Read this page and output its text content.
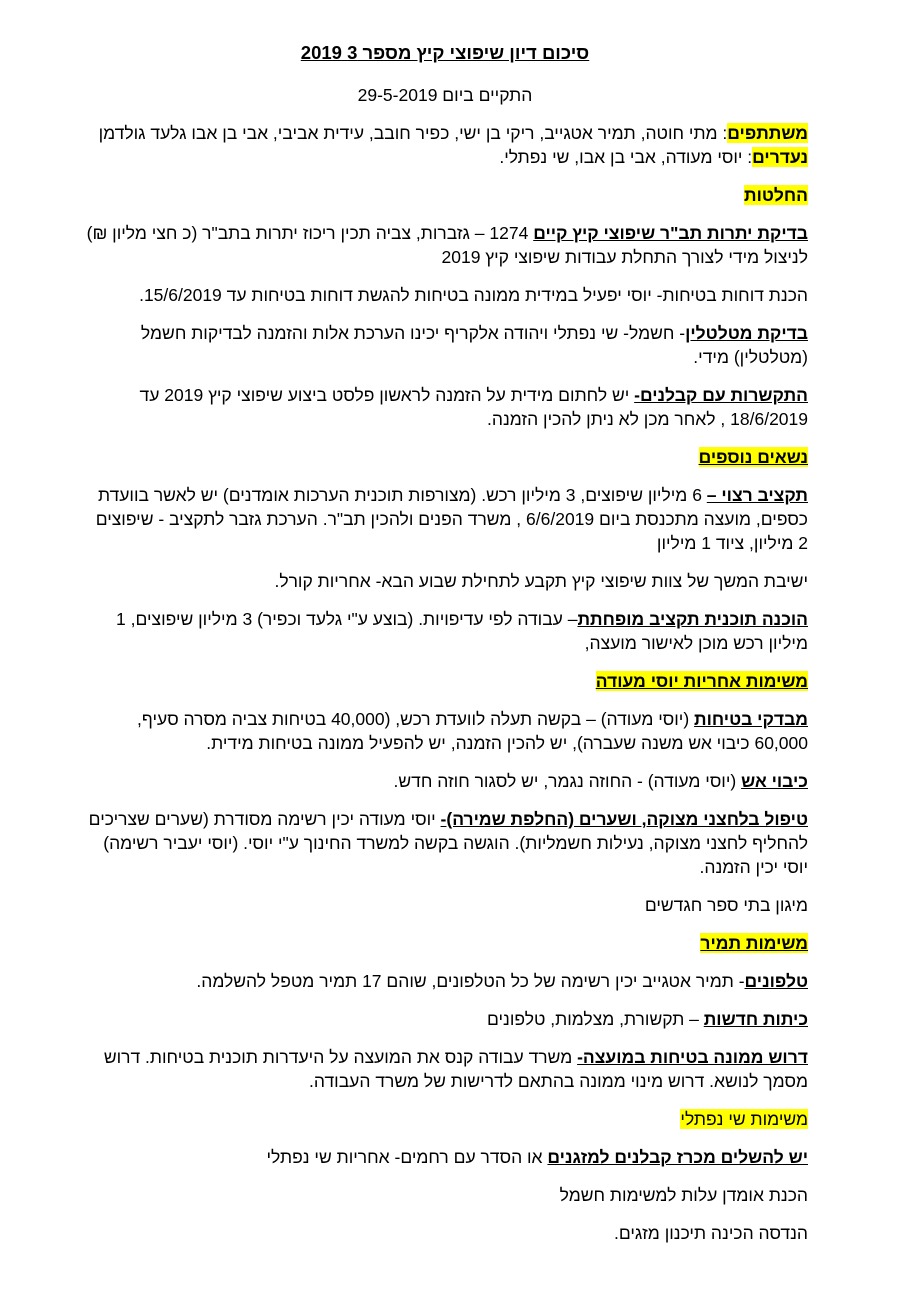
סיכום דיון שיפוצי קיץ מספר 3 2019

התקיים ביום 29-5-2019

משתתפים: מתי חוטה, תמיר אטגייב, ריקי בן ישי, כפיר חובב, עידית אביבי, אבי בן אבו גלעד גולדמן נעדרים: יוסי מעודה, אבי בן אבו, שי נפתלי.

החלטות

בדיקת יתרות תב"ר שיפוצי קיץ קיים 1274 – גזברות, צביה תכין ריכוז יתרות בתב"ר (כ חצי מליון ₪) לניצול מידי לצורך התחלת עבודות שיפוצי קיץ 2019

הכנת דוחות בטיחות- יוסי יפעיל במידית ממונה בטיחות להגשת דוחות בטיחות עד 15/6/2019.

בדיקת מטלטלין- חשמל- שי נפתלי ויהודה אלקריף יכינו הערכת אלות והזמנה לבדיקות חשמל (מטלטלין) מידי.

התקשרות עם קבלנים- יש לחתום מידית על הזמנה לראשון פלסט ביצוע שיפוצי קיץ 2019 עד 18/6/2019 , לאחר מכן לא ניתן להכין הזמנה.

נשאים נוספים

תקציב רצוי – 6 מיליון שיפוצים, 3 מיליון רכש. (מצורפות תוכנית הערכות אומדנים) יש לאשר בוועדת כספים, מועצה מתכנסת ביום 6/6/2019 , משרד הפנים ולהכין תב"ר. הערכת גזבר לתקציב - שיפוצים 2 מיליון, ציוד 1 מיליון

ישיבת המשך של צוות שיפוצי קיץ תקבע לתחילת שבוע הבא- אחריות קורל.

הוכנה תוכנית תקציב מופחתת– עבודה לפי עדיפויות. (בוצע ע"י גלעד וכפיר) 3 מיליון שיפוצים, 1 מיליון רכש מוכן לאישור מועצה,

משימות אחריות יוסי מעודה

מבדקי בטיחות (יוסי מעודה) – בקשה תעלה לוועדת רכש, (40,000 בטיחות צביה מסרה סעיף, 60,000 כיבוי אש משנה שעברה), יש להכין הזמנה, יש להפעיל ממונה בטיחות מידית.

כיבוי אש (יוסי מעודה) - החוזה נגמר, יש לסגור חוזה חדש.

טיפול בלחצני מצוקה, ושערים (החלפת שמירה)- יוסי מעודה יכין רשימה מסודרת (שערים שצריכים להחליף לחצני מצוקה, נעילות חשמליות). הוגשה בקשה למשרד החינוך ע"י יוסי. (יוסי יעביר רשימה) יוסי יכין הזמנה.

מיגון בתי ספר חגדשים

משימות תמיר

טלפונים- תמיר אטגייב יכין רשימה של כל הטלפונים, שוהם 17 תמיר מטפל להשלמה.

כיתות חדשות – תקשורת, מצלמות, טלפונים

דרוש ממונה בטיחות במועצה- משרד עבודה קנס את המועצה על היעדרות תוכנית בטיחות. דרוש מסמך לנושא. דרוש מינוי ממונה בהתאם לדרישות של משרד העבודה.

משימות שי נפתלי

יש להשלים מכרז קבלנים למזגנים או הסדר עם רחמים- אחריות שי נפתלי

הכנת אומדן עלות למשימות חשמל

הנדסה הכינה תיכנון מזגים.
